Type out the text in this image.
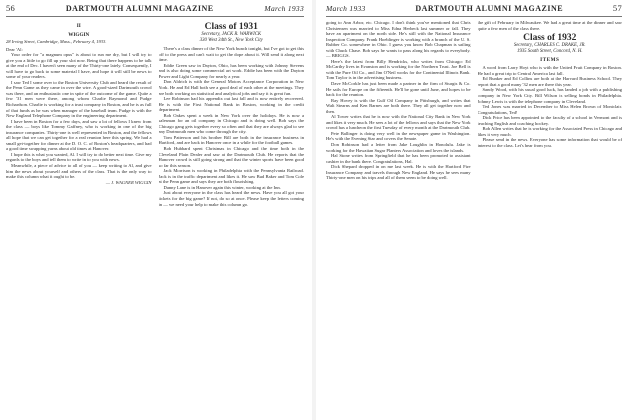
56	DARTMOUTH ALUMNI MAGAZINE	March 1933
II
WIGGIN
28 Irving Street, Cambridge, Mass., February 4, 1933.

Dear 'Al:

Your order for "a magnum opus" is about to run me dry, but I will try to give you a little to go fill up your slot now. Being that there happens to be talk at the end of Dec. I haven't seen many of the Thirty-one lately. Consequently, I will have to go back to some material I have, and hope it will still be news to some of your readers.

I saw Ted I some over to the Boston University Club and heard the result of the Penn Game as they came in over the wire. A good-sized Dartmouth crowd was there, and an enthusiastic one in spite of the outcome of the game. Quite a few '31 men were there, among whom Charlie Raymond and Pudge Richardson. Charlie is working for a trust company in Boston, and he is as full of that funds as he was when manager of the baseball team. Pudge is with the New England Telephone Company in the engineering department.

I have been in Boston for a few days, and saw a lot of fellows I knew from the class — boys like Tommy Gaffney, who is working in one of the big insurance companies. Thirty-one is well represented in Boston, and the fellows all hope that we can get together for a real reunion here this spring. We had a small get-together for dinner at the D. O. C. of Boston's headquarters, and had a good time swapping yarns about old times at Hanover.

I hope this is what you wanted, Al. I will try to do better next time. Give my regards to the boys and tell them to write in to you with news.

Meanwhile, a piece of advice to all of you — keep writing to Al, and give him the news about yourself and others of the class. That is the only way to make this column what it ought to be.

— J. WAGNER WIGGIN
Class of 1931
Secretary, JACK R. WARWICK
330 West 34th St., New York City

There's a class dinner of the New York bunch tonight, but I've got to get this off to the press and can't wait to get the dope about it. Will send it along next time.

Eddie Green saw in Dayton, Ohio, has been working with Johnny Stevens and is also doing some commercial art work. Eddie has been with the Dayton Power and Light Company for nearly a year.

Don Aldrich is with the General Motors Acceptance Corporation in New York. He and Ed Hall both see a good deal of each other at the meetings. They are both working on statistical and analytical jobs and say it is great fun.

Lee Robinson had his appendix out last fall and is now entirely recovered. He is with the First National Bank in Boston, working in the credit department.

Bob Oakes spent a week in New York over the holidays. He is now a salesman for an oil company in Chicago and is doing well. Bob says the Chicago gang gets together every so often and that they are always glad to see any Dartmouth men who come through the city.

Tom Patterson and his brother Bill are both in the insurance business in Hartford, and are back in Hanover once in a while for the football games.

Bob Hubbard spent Christmas in Chicago and the time both in the Cleveland Plain Dealer and saw at the Dartmouth Club. He reports that the Hanover crowd is still going strong and that the winter sports have been good so far this season.

Jack Morrison is working in Philadelphia with the Pennsylvania Railroad. Jack is in the traffic department and likes it. He saw Bud Baker and Tom Cole at the Penn game and says they are both flourishing.

Danny Lane is in Hanover again this winter, working at the Inn.

Just about everyone in the class has heard the news. Have you all got your tickets for the big game? If not, do so at once. Please keep the letters coming in — we need your help to make this column go.

March 1933	DARTMOUTH ALUMNI MAGAZINE	57

going to Ann Arbor, etc. Chicago. I don't think you've mentioned that Chris Christensen was married to Miss Edna Herbeck last summer or fall. They have an apartment on the north side. He's still with the National Insurance Inspection Company. Frank Hoeblinger is working with a branch of the U. S. Rubber Co. somewhere in Ohio. I guess you know Bob Chapman is sailing with Chuck Chase. Bob says he wants to pass along his regards to everybody. — BRIGGS.

Here's the latest from Billy Hendricks, who writes from Chicago: Ed McCarthy lives in Evanston and is working for the Northern Trust. Joe Bell is with the Pure Oil Co., and Jim O'Neil works for the Continental Illinois Bank. Tom Taylor is in the advertising business.

Dave McCorkle has just been made a partner in the firm of Sturgis & Co. He sails for Europe on the fifteenth. He'll be gone until June, and hopes to be back for the reunion.

Ray Hovey is with the Gulf Oil Company in Pittsburgh, and writes that Walt Stearns and Ken Barnes are both there. They all get together now and then.

Al Tower writes that he is now with the National City Bank in New York and likes it very much. He sees a lot of the fellows and says that the New York crowd has a luncheon the first Tuesday of every month at the Dartmouth Club.

Pete Ballinger is doing very well in the newspaper game in Washington. He's with the Evening Star and covers the Senate.

Don Robinson had a letter from Jake Loughlin in Honolulu. Jake is working for the Hawaiian Sugar Planters Association and loves the islands.

Hal Stone writes from Springfield that he has been promoted to assistant cashier in the bank there. Congratulations, Hal.

Dick Shepard dropped in on me last week. He is with the Hartford Fire Insurance Company and travels through New England. He says he sees many Thirty-one men on his trips and all of them seem to be doing well.

the gift of February in Milwaukee. We had a great time at the dinner and saw quite a few men of the class there.

Class of 1932
Secretary, CHARLES C. DRAKE, JR.
1935 South Street, Concord, N. H.
ITEMS

A word from Larry Hoyt who is with the United Fruit Company in Boston. He had a great trip to Central America last fall.

Ed Bunker and Ed Collins are both at the Harvard Business School. They report that a good many '32 men are there this year.

Sandy Wood, with his usual good luck, has landed a job with a publishing company in New York City. Bill Wilson is selling bonds in Philadelphia. Johnny Lewis is with the telephone company in Cleveland.

Ted Jones was married in December to Miss Helen Brown of Montclair. Congratulations, Ted!

Dick Price has been appointed to the faculty of a school in Vermont and is teaching English and coaching hockey.

Bob Allen writes that he is working for the Associated Press in Chicago and likes it very much.

Please send in the news. Everyone has some information that would be of interest to the class. Let's hear from you.
